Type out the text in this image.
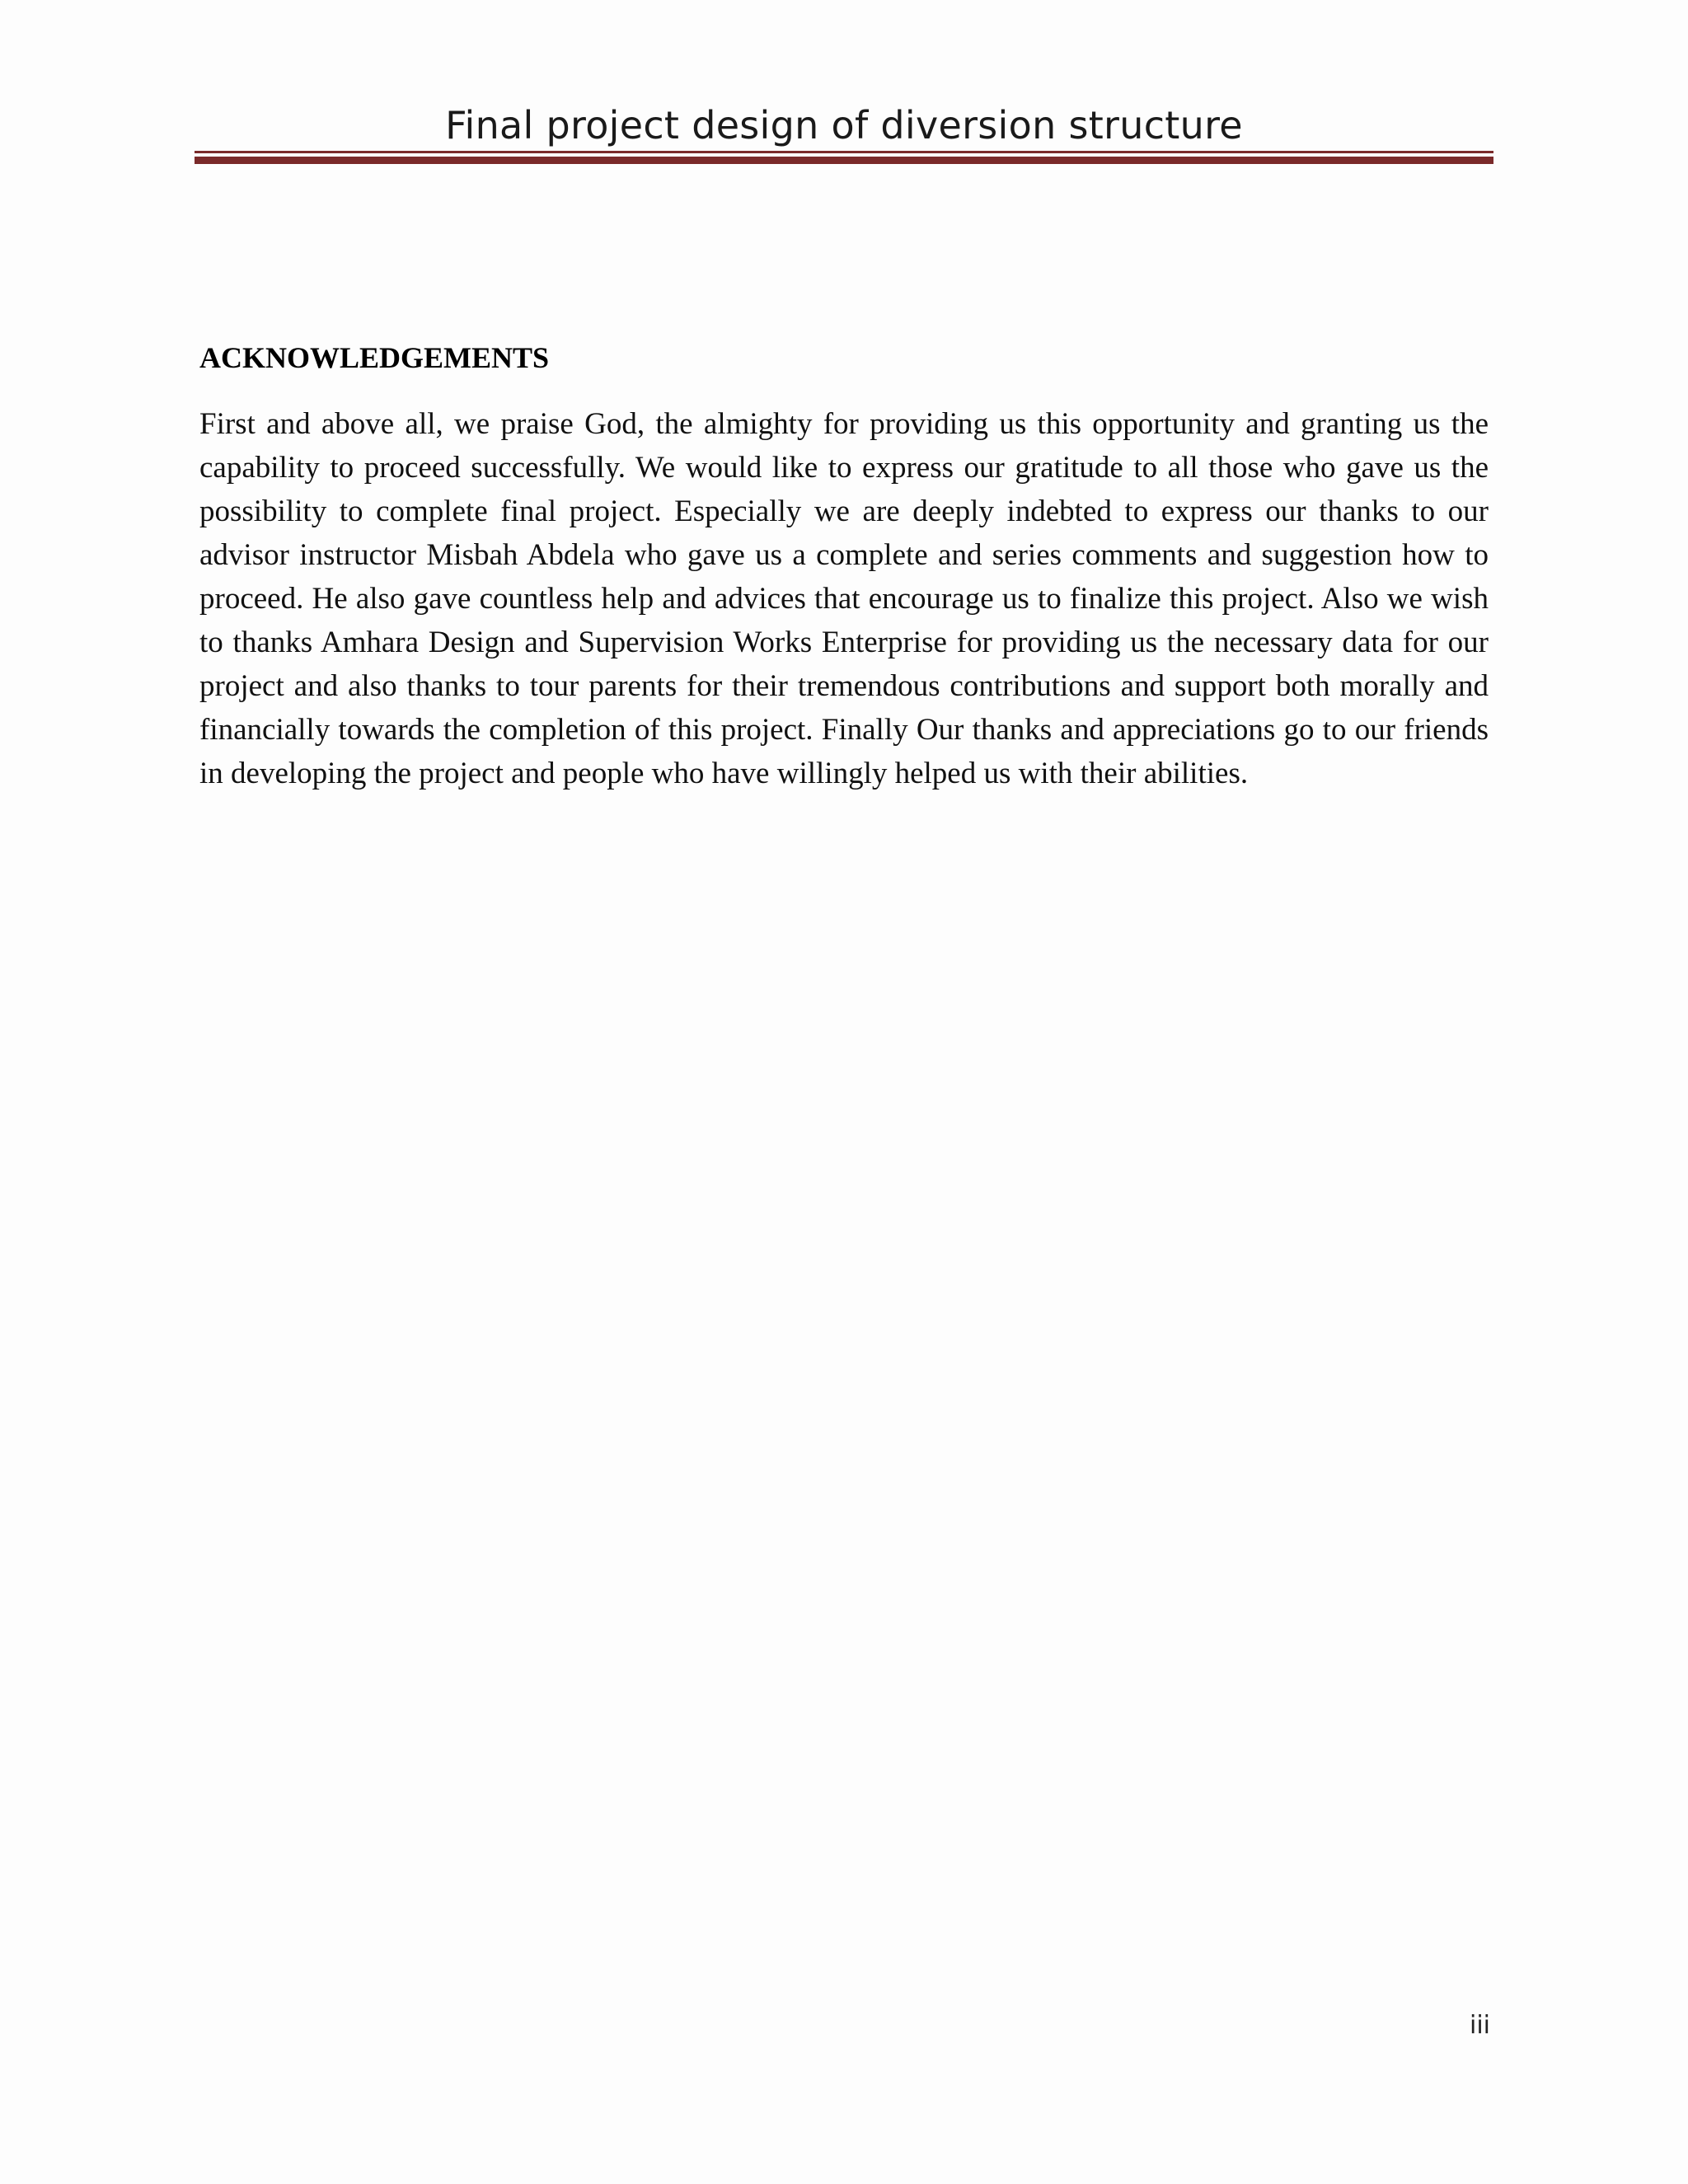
Final project design of diversion structure
ACKNOWLEDGEMENTS

First and above all, we praise God, the almighty for providing us this opportunity and granting us the capability to proceed successfully. We would like to express our gratitude to all those who gave us the possibility to complete final project. Especially we are deeply indebted to express our thanks to our advisor instructor Misbah Abdela who gave us a complete and series comments and suggestion how to proceed. He also gave countless help and advices that encourage us to finalize this project. Also we wish to thanks Amhara Design and Supervision Works Enterprise for providing us the necessary data for our project and also thanks to tour parents for their tremendous contributions and support both morally and financially towards the completion of this project. Finally Our thanks and appreciations go to our friends in developing the project and people who have willingly helped us with their abilities.

iii
